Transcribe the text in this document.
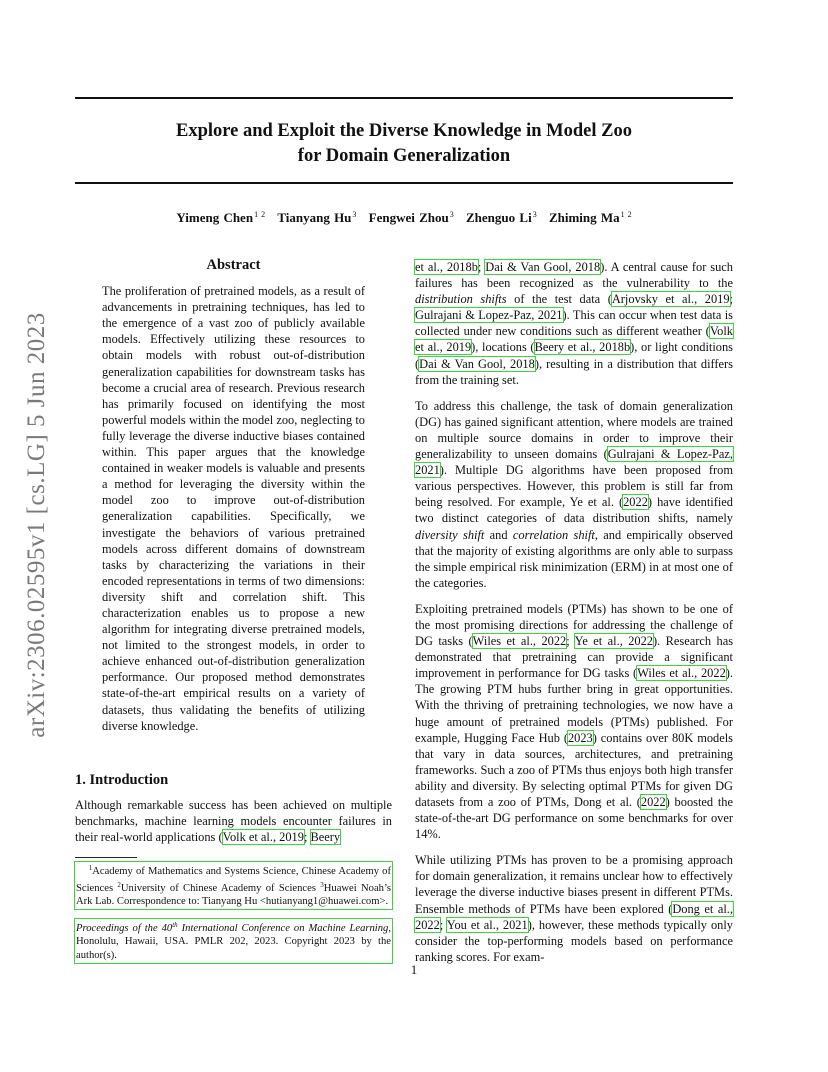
Explore and Exploit the Diverse Knowledge in Model Zoo
for Domain Generalization
Yimeng Chen$^{1 2}$ Tianyang Hu$^3$ Fengwei Zhou$^3$ Zhenguo Li$^3$ Zhiming $Ma^{1 2}$
arXiv:2306.02595v1 [cs.LG] 5 Jun 2023
Abstract
The proliferation of pretrained models, as a result of advancements in pretraining techniques, has led to the emergence of a vast zoo of publicly available models. Effectively utilizing these resources to obtain models with robust out-of-distribution generalization capabilities for downstream tasks has become a crucial area of research. Previous research has primarily focused on identifying the most powerful models within the model zoo, neglecting to fully leverage the diverse inductive biases contained within. This paper argues that the knowledge contained in weaker models is valuable and presents a method for leveraging the diversity within the model zoo to improve out-of-distribution generalization capabilities. Specifically, we investigate the behaviors of various pretrained models across different domains of downstream tasks by characterizing the variations in their encoded representations in terms of two dimensions: diversity shift and correlation shift. This characterization enables us to propose a new algorithm for integrating diverse pretrained models, not limited to the strongest models, in order to achieve enhanced out-of-distribution generalization performance. Our proposed method demonstrates state-of-the-art empirical results on a variety of datasets, thus validating the benefits of utilizing diverse knowledge.
1. Introduction

Although remarkable success has been achieved on multiple benchmarks, machine learning models encounter failures in their real-world applications (Volk et al., 2019; Beery

$^1$Academy of Mathematics and Systems Science, Chinese Academy of Sciences $^2$University of Chinese Academy of Sciences $^3$Huawei Noah’s Ark Lab. Correspondence to: Tianyang Hu <hutianyang1@huawei.com>.
Proceedings of the 40th International Conference on Machine Learning, Honolulu, Hawaii, USA. PMLR 202, 2023. Copyright 2023 by the author(s).

et al., 2018b; Dai & Van Gool, 2018). A central cause for such failures has been recognized as the vulnerability to the distribution shifts of the test data (Arjovsky et al., 2019; Gulrajani & Lopez-Paz, 2021). This can occur when test data is collected under new conditions such as different weather (Volk et al., 2019), locations (Beery et al., 2018b), or light conditions (Dai & Van Gool, 2018), resulting in a distribution that differs from the training set.

To address this challenge, the task of domain generalization (DG) has gained significant attention, where models are trained on multiple source domains in order to improve their generalizability to unseen domains (Gulrajani & Lopez-Paz, 2021). Multiple DG algorithms have been proposed from various perspectives. However, this problem is still far from being resolved. For example, Ye et al. (2022) have identified two distinct categories of data distribution shifts, namely diversity shift and correlation shift, and empirically observed that the majority of existing algorithms are only able to surpass the simple empirical risk minimization (ERM) in at most one of the categories.

Exploiting pretrained models (PTMs) has shown to be one of the most promising directions for addressing the challenge of DG tasks (Wiles et al., 2022; Ye et al., 2022). Research has demonstrated that pretraining can provide a significant improvement in performance for DG tasks (Wiles et al., 2022). The growing PTM hubs further bring in great opportunities. With the thriving of pretraining technologies, we now have a huge amount of pretrained models (PTMs) published. For example, Hugging Face Hub (2023) contains over 80K models that vary in data sources, architectures, and pretraining frameworks. Such a zoo of PTMs thus enjoys both high transfer ability and diversity. By selecting optimal PTMs for given DG datasets from a zoo of PTMs, Dong et al. (2022) boosted the state-of-the-art DG performance on some benchmarks for over 14%.

While utilizing PTMs has proven to be a promising approach for domain generalization, it remains unclear how to effectively leverage the diverse inductive biases present in different PTMs. Ensemble methods of PTMs have been explored (Dong et al., 2022; You et al., 2021), however, these methods typically only consider the top-performing models based on performance ranking scores. For exam-

1
